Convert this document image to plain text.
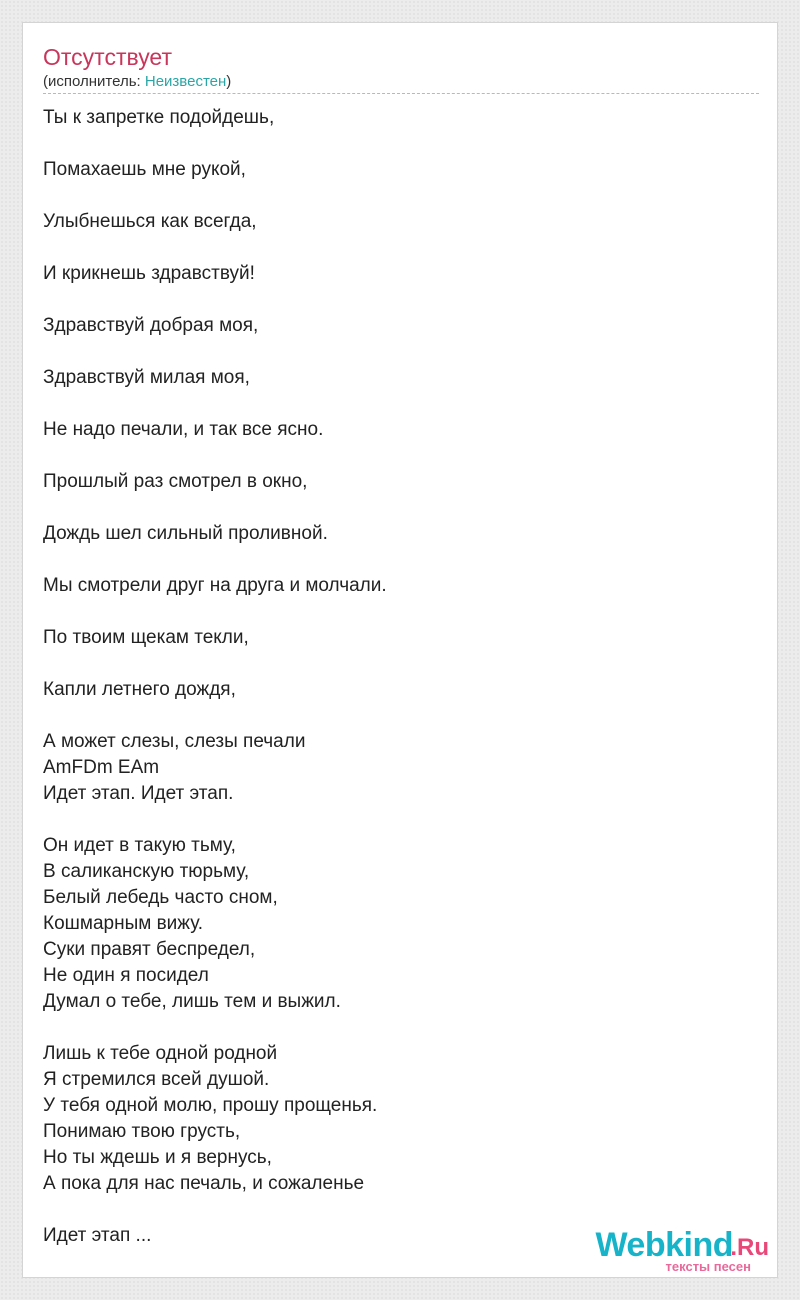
Отсутствует
(исполнитель: Неизвестен)
Ты к запретке подойдешь,
Помахаешь мне рукой,
Улыбнешься как всегда,
И крикнешь здравствуй!
Здравствуй добрая моя,
Здравствуй милая моя,
Не надо печали, и так все ясно.
Прошлый раз смотрел в окно,
Дождь шел сильный проливной.
Мы смотрели друг на друга и молчали.
По твоим щекам текли,
Капли летнего дождя,
А может слезы, слезы печали
AmFDm EAm
Идет этап. Идет этап.
Он идет в такую тьму,
В саликанскую тюрьму,
Белый лебедь часто сном,
Кошмарным вижу.
Суки правят беспредел,
Не один я посидел
Думал о тебе, лишь тем и выжил.
Лишь к тебе одной родной
Я стремился всей душой.
У тебя одной молю, прошу прощенья.
Понимаю твою грусть,
Но ты ждешь и я вернусь,
А пока для нас печаль, и сожаленье
Идет этап ...	Webkind
.Ru
тексты песен
